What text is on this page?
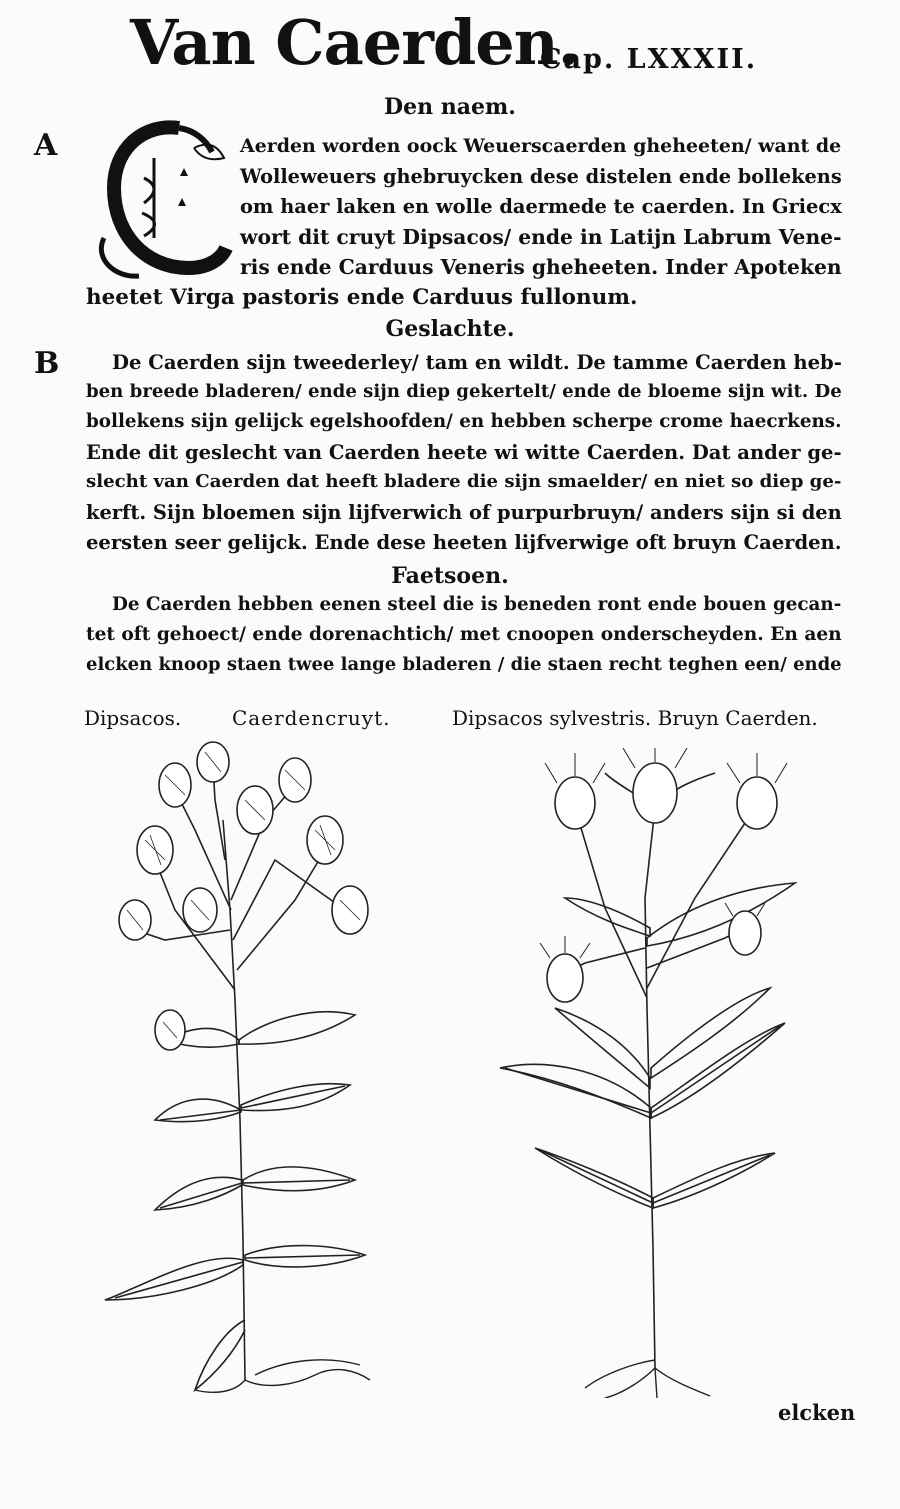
Van Caerden.
Cap. LXXXII.
Den naem.
A	Aerden worden oock Weuerscaerden gheheeten/ want de
Wolleweuers ghebruycken dese distelen ende bollekens
om haer laken en wolle daermede te caerden. In Griecx
wort dit cruyt Dipsacos/ ende in Latijn Labrum Vene-
ris ende Carduus Veneris gheheeten. Inder Apoteken
heetet Virga pastoris ende Carduus fullonum.
Geslachte.
B	De Caerden sijn tweederley/ tam en wildt. De tamme Caerden heb-
ben breede bladeren/ ende sijn diep gekertelt/ ende de bloeme sijn wit. De
bollekens sijn gelijck egelshoofden/ en hebben scherpe crome haecrkens.
Ende dit geslecht van Caerden heete wi witte Caerden. Dat ander ge-
slecht van Caerden dat heeft bladere die sijn smaelder/ en niet so diep ge-
kerft. Sijn bloemen sijn lijfverwich of purpurbruyn/ anders sijn si den
eersten seer gelijck. Ende dese heeten lijfverwige oft bruyn Caerden.
Faetsoen.
De Caerden hebben eenen steel die is beneden ront ende bouen gecan-
tet oft gehoect/ ende dorenachtich/ met cnoopen onderscheyden. En aen
elcken knoop staen twee lange bladeren / die staen recht teghen een/ ende
Dipsacos.	Caerdencruyt.	Dipsacos sylvestris. Bruyn Caerden.
elcken
